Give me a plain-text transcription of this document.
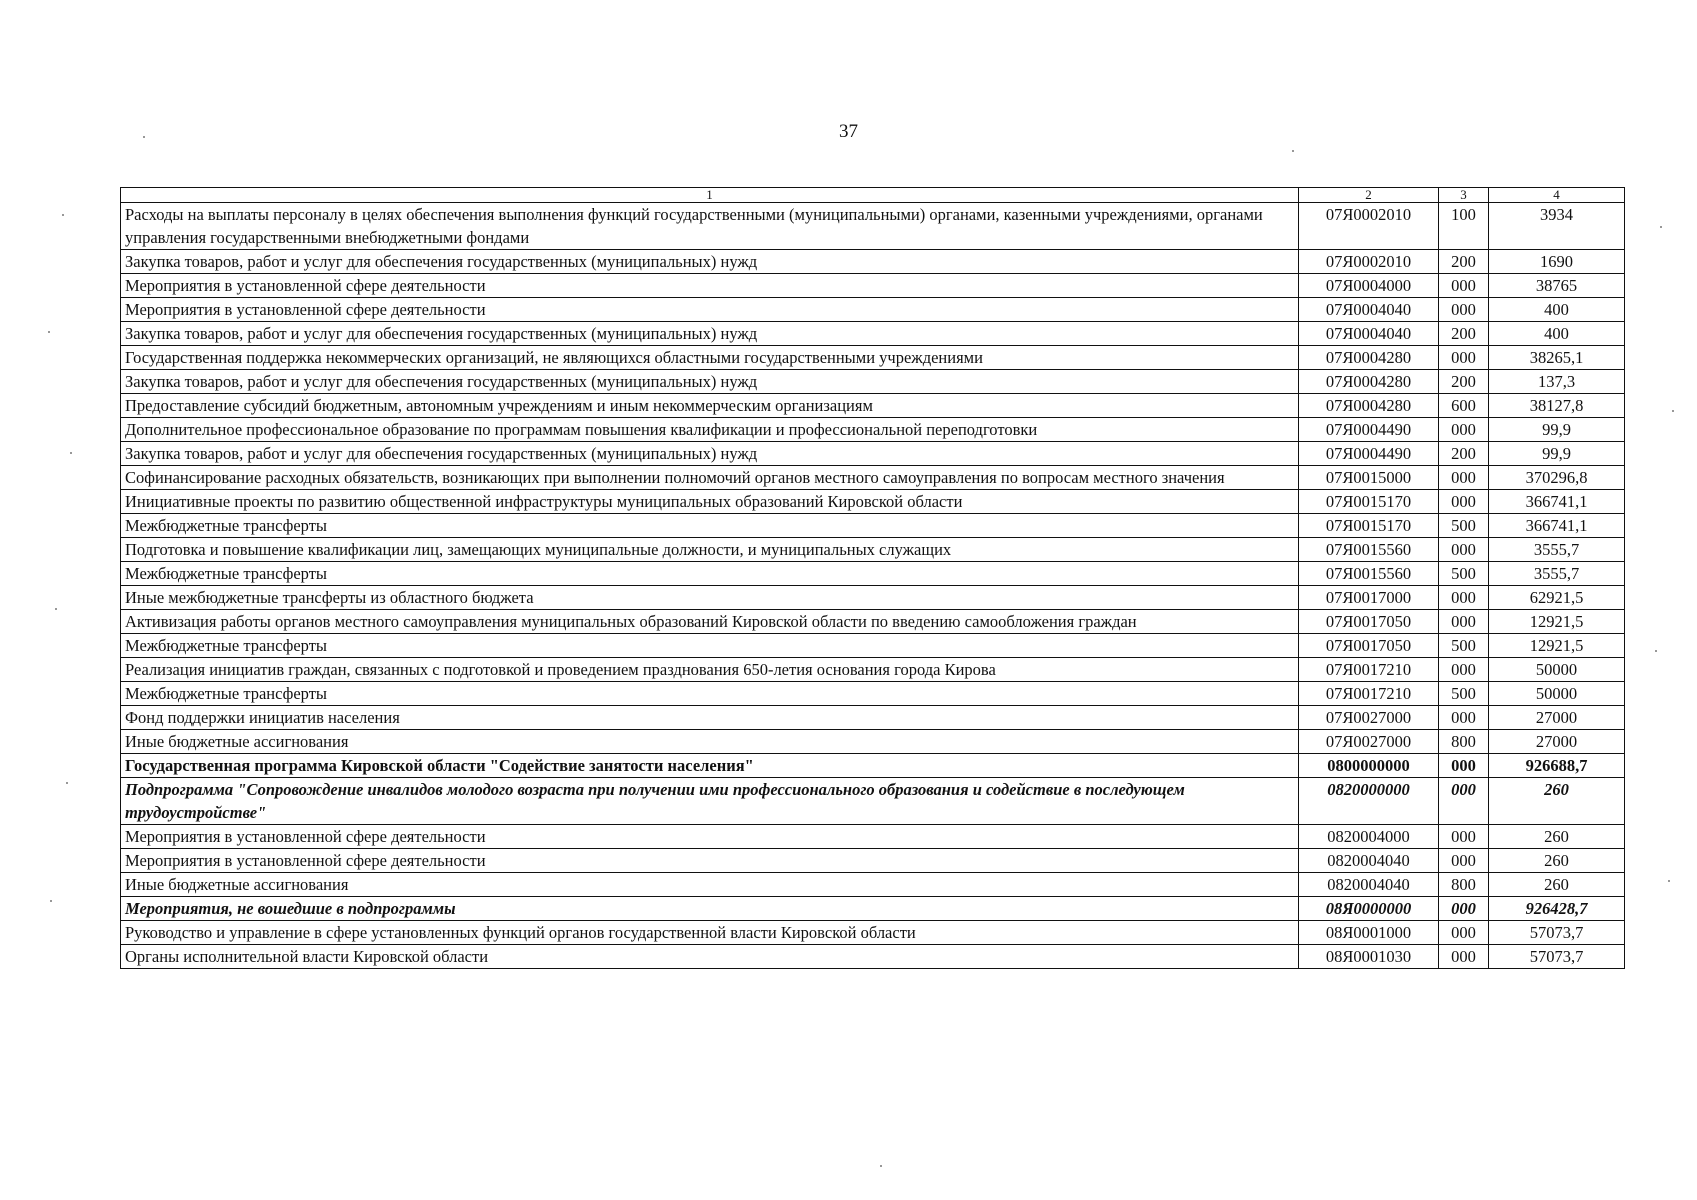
37
1	2	3	4
Расходы на выплаты персоналу в целях обеспечения выполнения функций государственными (муниципальными) органами, казенными учреждениями, органами управления государственными внебюджетными фондами	07Я0002010	100	3934
Закупка товаров, работ и услуг для обеспечения государственных (муниципальных) нужд	07Я0002010	200	1690
Мероприятия в установленной сфере деятельности	07Я0004000	000	38765
Мероприятия в установленной сфере деятельности	07Я0004040	000	400
Закупка товаров, работ и услуг для обеспечения государственных (муниципальных) нужд	07Я0004040	200	400
Государственная поддержка некоммерческих организаций, не являющихся областными государственными учреждениями	07Я0004280	000	38265,1
Закупка товаров, работ и услуг для обеспечения государственных (муниципальных) нужд	07Я0004280	200	137,3
Предоставление субсидий бюджетным, автономным учреждениям и иным некоммерческим организациям	07Я0004280	600	38127,8
Дополнительное профессиональное образование по программам повышения квалификации и профессиональной переподготовки	07Я0004490	000	99,9
Закупка товаров, работ и услуг для обеспечения государственных (муниципальных) нужд	07Я0004490	200	99,9
Софинансирование расходных обязательств, возникающих при выполнении полномочий органов местного самоуправления по вопросам местного значения	07Я0015000	000	370296,8
Инициативные проекты по развитию общественной инфраструктуры муниципальных образований Кировской области	07Я0015170	000	366741,1
Межбюджетные трансферты	07Я0015170	500	366741,1
Подготовка и повышение квалификации лиц, замещающих муниципальные должности, и муниципальных служащих	07Я0015560	000	3555,7
Межбюджетные трансферты	07Я0015560	500	3555,7
Иные межбюджетные трансферты из областного бюджета	07Я0017000	000	62921,5
Активизация работы органов местного самоуправления муниципальных образований Кировской области по введению самообложения граждан	07Я0017050	000	12921,5
Межбюджетные трансферты	07Я0017050	500	12921,5
Реализация инициатив граждан, связанных с подготовкой и проведением празднования 650-летия основания города Кирова	07Я0017210	000	50000
Межбюджетные трансферты	07Я0017210	500	50000
Фонд поддержки инициатив населения	07Я0027000	000	27000
Иные бюджетные ассигнования	07Я0027000	800	27000
Государственная программа Кировской области "Содействие занятости населения"	0800000000	000	926688,7
Подпрограмма "Сопровождение инвалидов молодого возраста при получении ими профессионального образования и содействие в последующем трудоустройстве"	0820000000	000	260
Мероприятия в установленной сфере деятельности	0820004000	000	260
Мероприятия в установленной сфере деятельности	0820004040	000	260
Иные бюджетные ассигнования	0820004040	800	260
Мероприятия, не вошедшие в подпрограммы	08Я0000000	000	926428,7
Руководство и управление в сфере установленных функций органов государственной власти Кировской области	08Я0001000	000	57073,7
Органы исполнительной власти Кировской области	08Я0001030	000	57073,7
